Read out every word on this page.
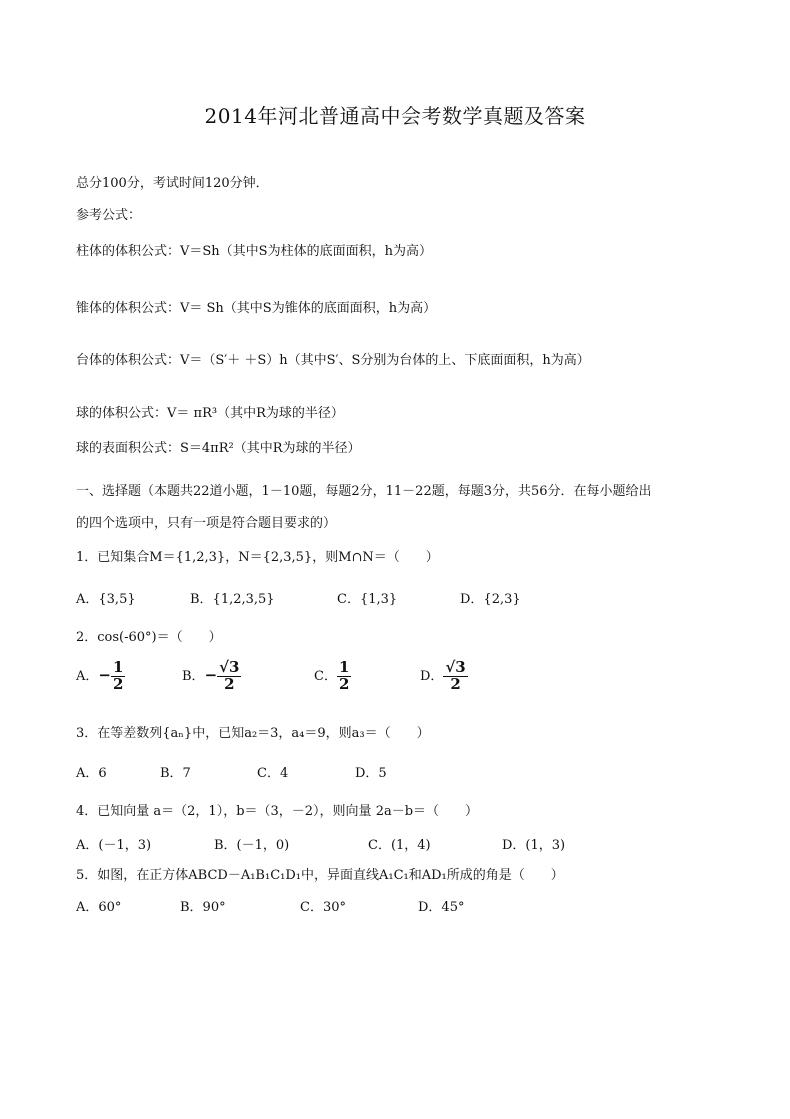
2014年河北普通高中会考数学真题及答案
总分100分，考试时间120分钟．
参考公式：
柱体的体积公式：V＝Sh（其中S为柱体的底面面积，h为高）
锥体的体积公式：V＝ Sh（其中S为锥体的底面面积，h为高）
台体的体积公式：V＝（S′＋ ＋S）h（其中S′、S分别为台体的上、下底面面积，h为高）
球的体积公式：V＝ πR³（其中R为球的半径）
球的表面积公式：S＝4πR²（其中R为球的半径）
一、选择题（本题共22道小题，1－10题，每题2分，11－22题，每题3分，共56分．在每小题给出
的四个选项中，只有一项是符合题目要求的）
1．已知集合M＝{1,2,3}，N＝{2,3,5}，则M∩N＝（　　）
A．{3,5}	B．{1,2,3,5}	C．{1,3}	D．{2,3}
2．cos(-60°)＝（　　）
A．− $\frac{1}{2}$	B．− $\frac{√3}{2}$	C． $\frac{1}{2}$	D． $\frac{√3}{2}$
3．在等差数列{aₙ}中，已知a₂＝3，a₄＝9，则a₃＝（　　）
A．6	B．7	C．4	D．5
4．已知向量 a＝（2，1），b＝（3，－2），则向量 2a－b＝（　　）
A．(－1，3)	B．(－1，0)	C．(1，4)	D．(1，3)
5．如图，在正方体ABCD－A₁B₁C₁D₁中，异面直线A₁C₁和AD₁所成的角是（　　）
A．60°	B．90°	C．30°	D．45°
